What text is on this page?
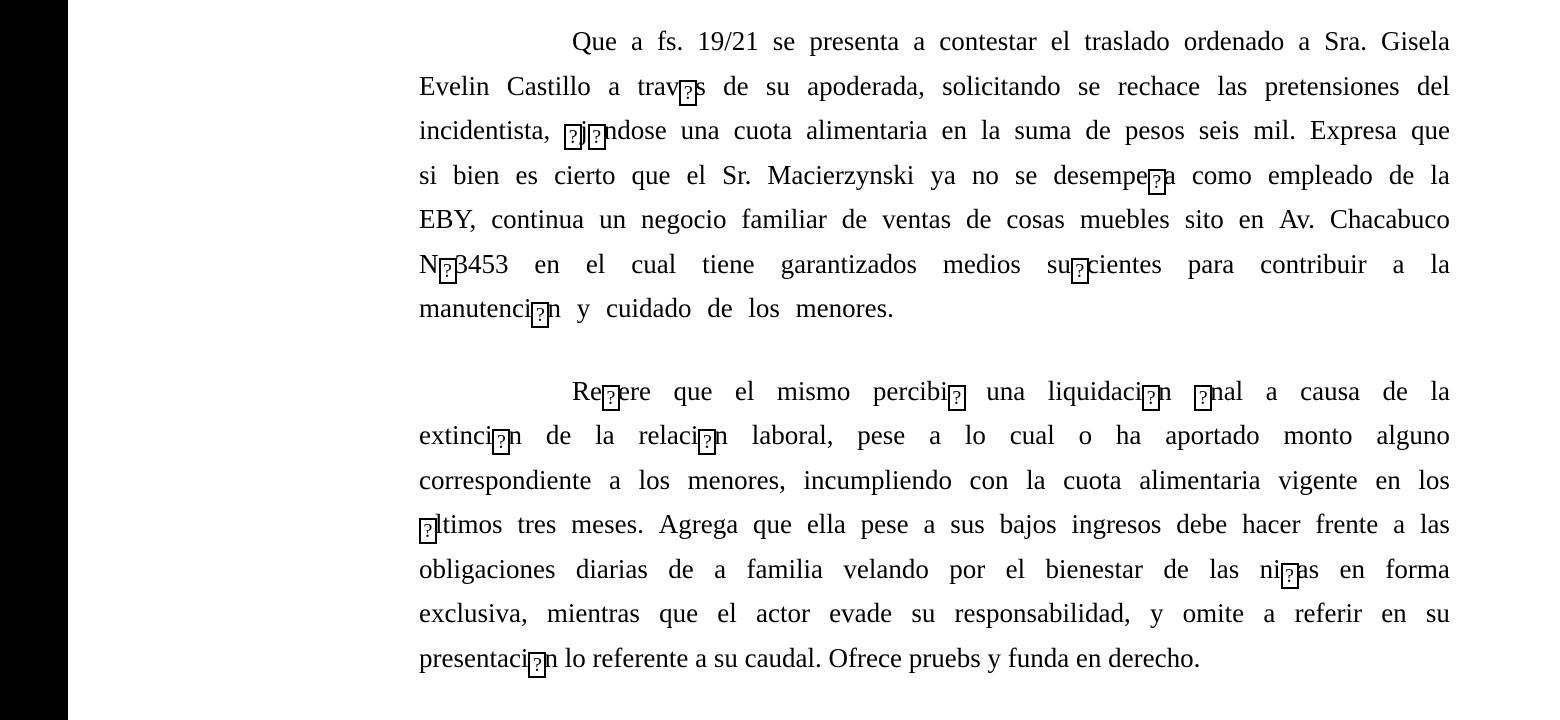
Que a fs. 19/21 se presenta a contestar el traslado ordenado a Sra. Gisela
Evelin Castillo a trav ?s de su apoderada, solicitando se rechace las pretensiones del
incidentista, ?j ?ndose una cuota alimentaria en la suma de pesos seis mil. Expresa que
si bien es cierto que el Sr. Macierzynski ya no se desempe ?a como empleado de la
EBY, continua un negocio familiar de ventas de cosas muebles sito en Av. Chacabuco
N ?3453 en el cual tiene garantizados medios su ?cientes para contribuir a la
manutenci ?n y cuidado de los menores.
Re ?ere que el mismo percibi ? una liquidaci ?n ?nal a causa de la
extinci ?n de la relaci ?n laboral, pese a lo cual o ha aportado monto alguno
correspondiente a los menores, incumpliendo con la cuota alimentaria vigente en los
?ltimos tres meses. Agrega que ella pese a sus bajos ingresos debe hacer frente a las
obligaciones diarias de a familia velando por el bienestar de las ni ?as en forma
exclusiva, mientras que el actor evade su responsabilidad, y omite a referir en su
presentaci ?n lo referente a su caudal. Ofrece pruebs y funda en derecho.
